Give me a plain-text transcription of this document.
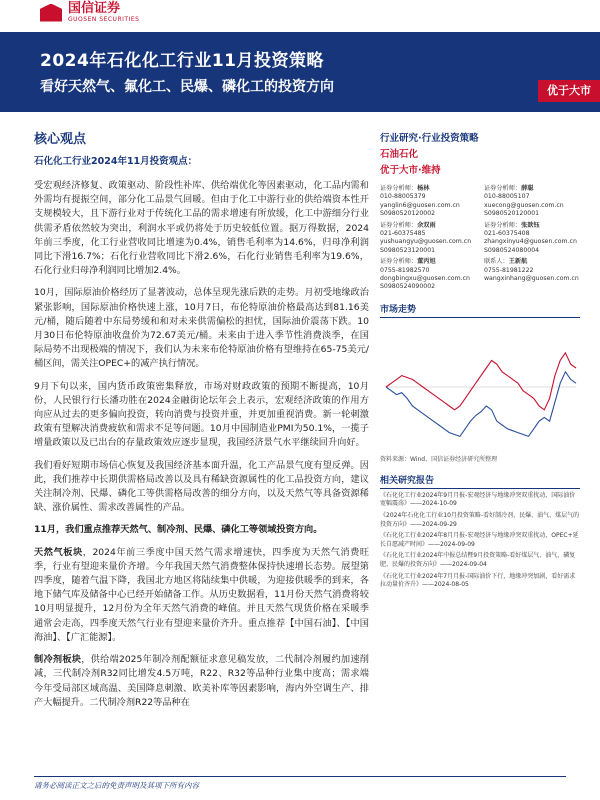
国信证券
GUOSEN SECURITIES
2024年石化化工行业11月投资策略
看好天然气、氟化工、民爆、磷化工的投资方向	优于大市
核心观点
石化化工行业2024年11月投资观点：
受宏观经济修复、政策驱动、阶段性补库、供给端优化等因素驱动，化工品内需和外需均有提振空间，部分化工品景气回暖。但由于化工中游行业的供给端资本性开支规模较大，且下游行业对于传统化工品的需求增速有所放缓，化工中游细分行业供需矛盾依然较为突出，利润水平或仍将处于历史较低位置。据万得数据，2024年前三季度，化工行业营收同比增速为0.4%，销售毛利率为14.6%，归母净利润同比下滑16.7%；石化行业营收同比下滑2.6%，石化行业销售毛利率为19.6%，石化行业归母净利润同比增加2.4%。
10月，国际原油价格经历了显著波动，总体呈现先涨后跌的走势。月初受地缘政治紧张影响，国际原油价格快速上涨，10月7日，布伦特原油价格最高达到81.16美元/桶，随后随着中东局势缓和和对未来供需偏松的担忧，国际油价震荡下跌。10月30日布伦特原油收盘价为72.67美元/桶。未来由于进入季节性消费淡季，在国际局势不出现极端的情况下，我们认为未来布伦特原油价格有望维持在65-75美元/桶区间，需关注OPEC+的减产执行情况。
9月下旬以来，国内货币政策密集释放，市场对财政政策的预期不断提高，10月份，人民银行行长潘功胜在2024金融街论坛年会上表示，宏观经济政策的作用方向应从过去的更多偏向投资，转向消费与投资并重，并更加重视消费。新一轮刺激政策有望解决消费疲软和需求不足等问题。10月中国制造业PMI为50.1%，一揽子增量政策以及已出台的存量政策效应逐步显现，我国经济景气水平继续回升向好。
我们看好短期市场信心恢复及我国经济基本面升温，化工产品景气度有望反弹。因此，我们推荐中长期供需格局改善以及具有稀缺资源属性的化工品投资方向，建议关注制冷剂、民爆、磷化工等供需格局改善的细分方向，以及天然气等具备资源稀缺、涨价属性、需求改善属性的产品。
11月，我们重点推荐天然气、制冷剂、民爆、磷化工等领域投资方向。
天然气板块，2024年前三季度中国天然气需求增速快，四季度为天然气消费旺季，行业有望迎来量价齐增。今年我国天然气消费整体保持快速增长态势。展望第四季度，随着气温下降，我国北方地区将陆续集中供暖，为迎接供暖季的到来，各地下储气库及储备中心已经开始储备工作。从历史数据看，11月份天然气消费将较10月明显提升，12月份为全年天然气消费的峰值。并且天然气现货价格在采暖季通常会走高，四季度天然气行业有望迎来量价齐升。重点推荐【中国石油】、【中国海油】、【广汇能源】。
制冷剂板块，供给端2025年制冷剂配额征求意见稿发放，二代制冷剂履约加速削减，三代制冷剂R32同比增发4.5万吨，R22、R32等品种行业集中度高；需求端今年受局部区域高温、美国降息刺激、欧美补库等因素影响，海内外空调生产、排产大幅提升。二代制冷剂R22等品种在
行业研究·行业投资策略
石油石化
优于大市·维持
证券分析师：杨林
010-88005379
yanglin6@guosen.com.cn
S0980520120002
证券分析师：薛聪
010-88005107
xuecong@guosen.com.cn
S0980520120001
证券分析师：余双雨
021-60375485
yushuangyu@guosen.com.cn
S0980523120001
证券分析师：张歆钰
021-60375408
zhangxinyu4@guosen.com.cn
S0980524080004
证券分析师：董丙旭
0755-81982570
dongbingxu@guosen.com.cn
S0980524090002
联系人：王新航
0755-81981222
wangxinhang@guosen.com.cn
市场走势
资料来源：Wind、国信证券经济研究所整理
相关研究报告
《石化化工行业2024年9月月报-宏观经济与地缘冲突双重扰动，国际油价宽幅震荡》——2024-10-09
《2024年石化化工行业10月投资策略-看好制冷剂、民爆、油气、煤层气的投资方向》——2024-09-29
《石化化工行业2024年8月月报-宏观经济与地缘冲突双重扰动，OPEC+延长自愿减产时间》——2024-09-09
《石化化工行业2024年中报总结暨9月投资策略-看好煤层气、油气、磷复肥、民爆的投资方向》——2024-09-04
《石化化工行业2024年7月月报-国际油价下行，地缘冲突加剧，看好需求拉动量价齐升》——2024-08-05
请务必阅读正文之后的免责声明及其项下所有内容
